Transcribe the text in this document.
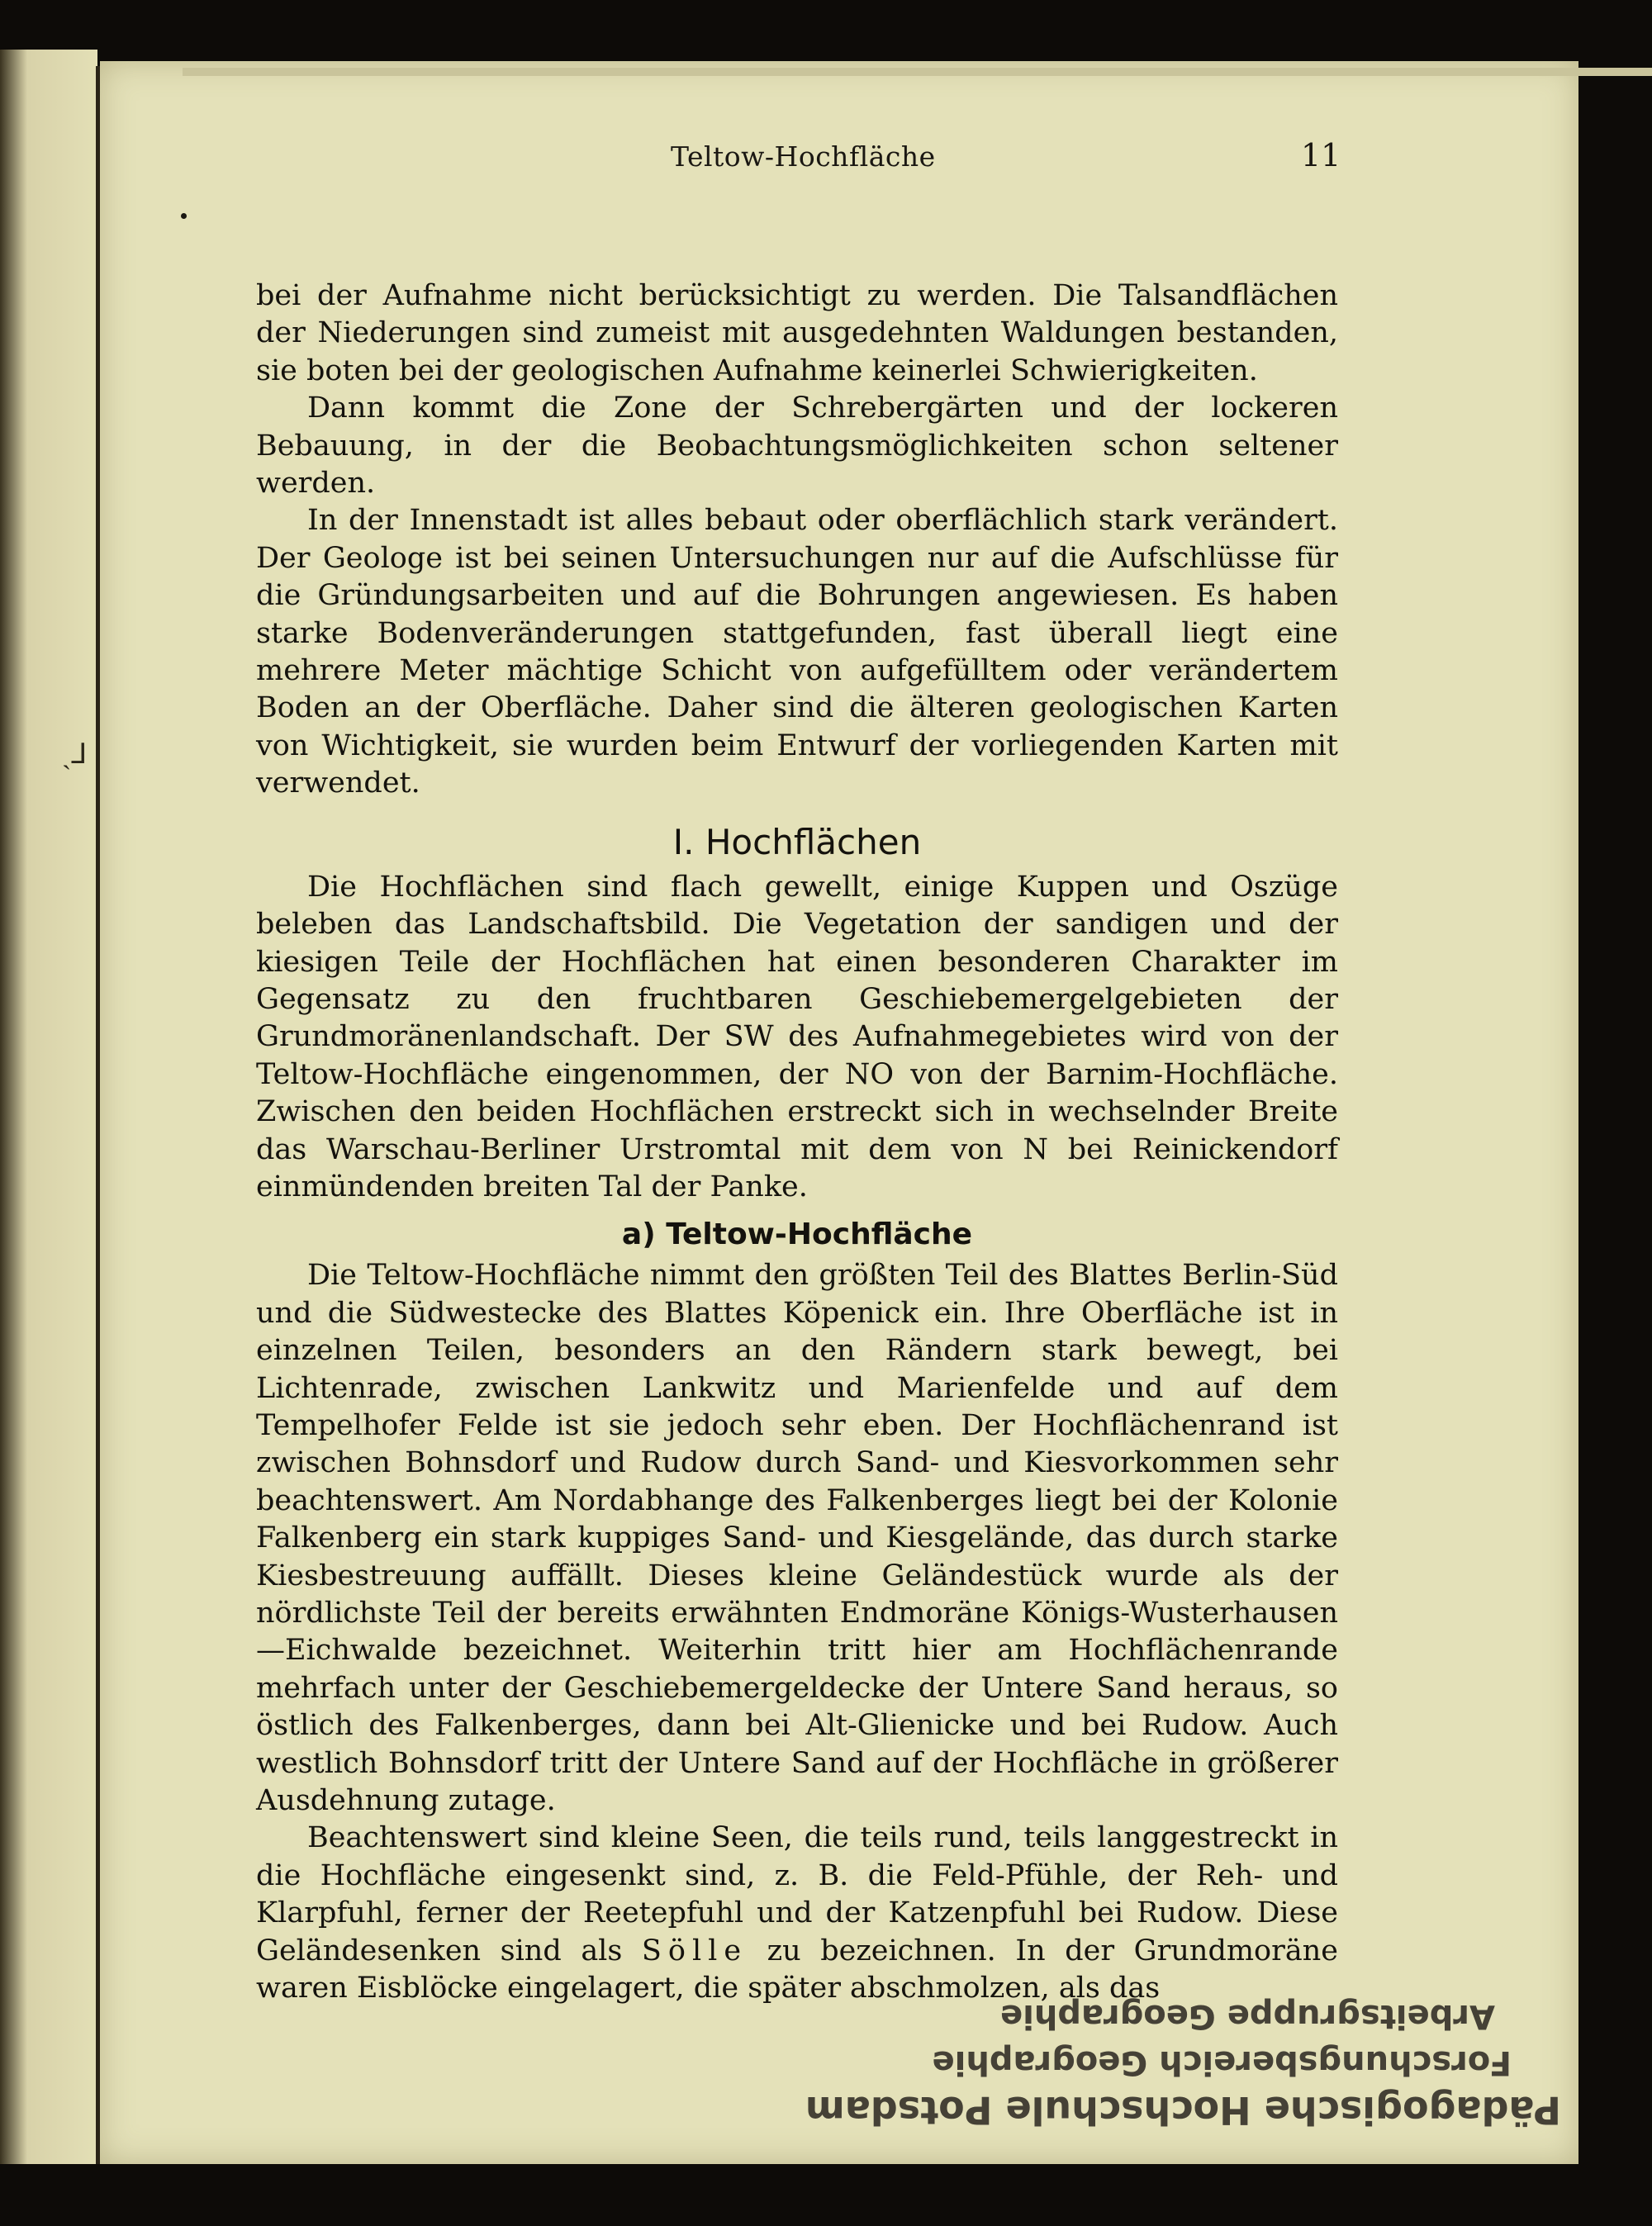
ˎ⅃
Teltow-Hochfläche	11

bei der Aufnahme nicht berücksichtigt zu werden. Die Talsandflächen der Niederungen sind zumeist mit ausgedehnten Waldungen bestanden, sie boten bei der geologischen Aufnahme keinerlei Schwierigkeiten.

Dann kommt die Zone der Schrebergärten und der lockeren Bebauung, in der die Beobachtungsmöglichkeiten schon seltener werden.

In der Innenstadt ist alles bebaut oder oberflächlich stark verändert. Der Geologe ist bei seinen Untersuchungen nur auf die Aufschlüsse für die Gründungsarbeiten und auf die Bohrungen angewiesen. Es haben starke Bodenveränderungen stattgefunden, fast überall liegt eine mehrere Meter mächtige Schicht von aufgefülltem oder verändertem Boden an der Oberfläche. Daher sind die älteren geologischen Karten von Wichtigkeit, sie wurden beim Entwurf der vorliegenden Karten mit verwendet.

I. Hochflächen

Die Hochflächen sind flach gewellt, einige Kuppen und Oszüge beleben das Landschaftsbild. Die Vegetation der sandigen und der kiesigen Teile der Hochflächen hat einen besonderen Charakter im Gegensatz zu den fruchtbaren Geschiebemergelgebieten der Grundmoränenlandschaft. Der SW des Aufnahmegebietes wird von der Teltow-Hochfläche eingenommen, der NO von der Barnim-Hochfläche. Zwischen den beiden Hochflächen erstreckt sich in wechselnder Breite das Warschau-Berliner Urstromtal mit dem von N bei Reinickendorf einmündenden breiten Tal der Panke.

a) Teltow-Hochfläche

Die Teltow-Hochfläche nimmt den größten Teil des Blattes Berlin-Süd und die Südwestecke des Blattes Köpenick ein. Ihre Oberfläche ist in einzelnen Teilen, besonders an den Rändern stark bewegt, bei Lichtenrade, zwischen Lankwitz und Marienfelde und auf dem Tempelhofer Felde ist sie jedoch sehr eben. Der Hochflächenrand ist zwischen Bohnsdorf und Rudow durch Sand- und Kiesvorkommen sehr beachtenswert. Am Nordabhange des Falkenberges liegt bei der Kolonie Falkenberg ein stark kuppiges Sand- und Kiesgelände, das durch starke Kiesbestreuung auffällt. Dieses kleine Geländestück wurde als der nördlichste Teil der bereits erwähnten Endmoräne Königs-Wusterhausen—Eichwalde bezeichnet. Weiterhin tritt hier am Hochflächenrande mehrfach unter der Geschiebemergeldecke der Untere Sand heraus, so östlich des Falkenberges, dann bei Alt-Glienicke und bei Rudow. Auch westlich Bohnsdorf tritt der Untere Sand auf der Hochfläche in größerer Ausdehnung zutage.

Beachtenswert sind kleine Seen, die teils rund, teils langgestreckt in die Hochfläche eingesenkt sind, z. B. die Feld-Pfühle, der Reh- und Klarpfuhl, ferner der Reetepfuhl und der Katzenpfuhl bei Rudow. Diese Geländesenken sind als Sölle zu bezeichnen. In der Grundmoräne waren Eisblöcke eingelagert, die später abschmolzen, als das

Pädagogische Hochschule Potsdam
Forschungsbereich Geographie
Arbeitsgruppe Geographie
